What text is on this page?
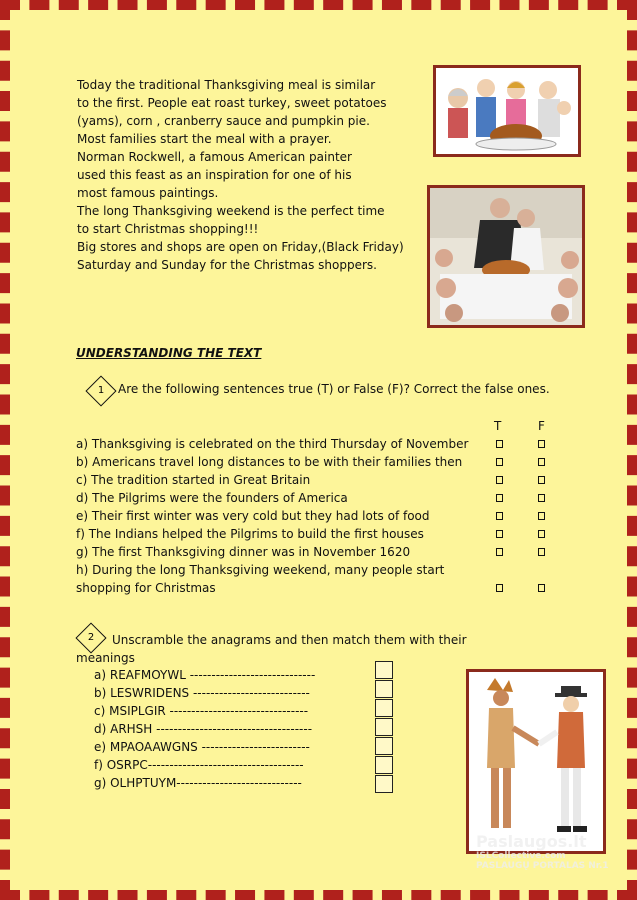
Today the traditional Thanksgiving meal is similar
to the first. People eat roast turkey, sweet potatoes
(yams), corn , cranberry sauce and pumpkin pie.
Most families start the meal with a prayer.
Norman Rockwell, a famous American painter
used this feast as an inspiration for one of his
most famous paintings.
The long Thanksgiving weekend is the perfect time
to start Christmas shopping!!!
Big stores and shops are open on Friday,(Black Friday)
Saturday and Sunday for the Christmas shoppers.
UNDERSTANDING THE TEXT
1	Are the following sentences true (T) or False (F)? Correct the false ones.
T	F
a) Thanksgiving is celebrated on the third Thursday of November
b) Americans travel long distances to be with their families then
c) The tradition started in Great Britain
d) The Pilgrims were the founders of America
e) Their first winter was very cold but they had lots of food
f) The Indians helped the Pilgrims to build the first houses
g) The first Thanksgiving dinner was in November 1620
h) During the long Thanksgiving weekend, many people start
shopping for Christmas
2	Unscramble the anagrams and then match them with their meanings
a) REAFMOYWL -----------------------------
b) LESWRIDENS ---------------------------
c) MSIPLGIR --------------------------------
d) ARHSH ------------------------------------
e) MPAOAAWGNS -------------------------
f) OSRPC------------------------------------
g) OLHPTUYM-----------------------------
Paslaugos.lt
ISLCollective.com
PASLAUGŲ PORTALAS Nr.1
